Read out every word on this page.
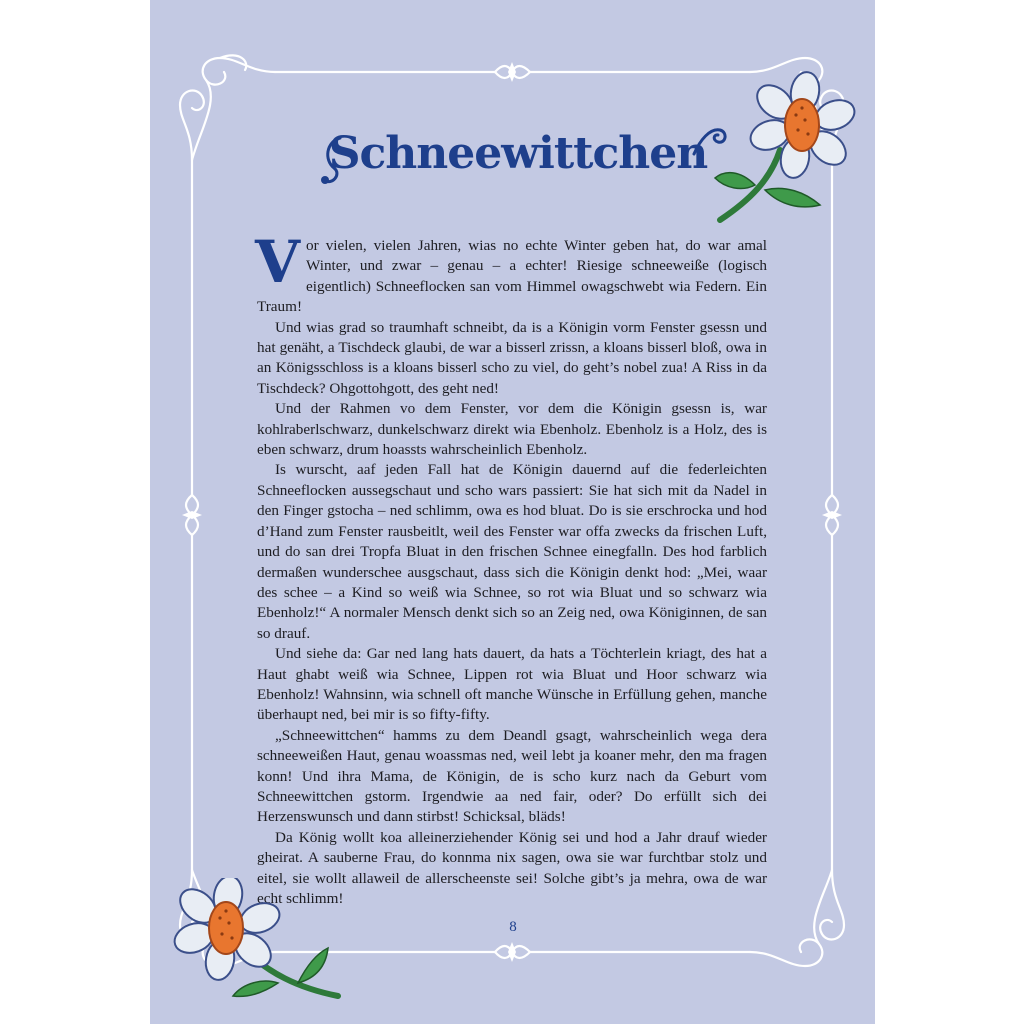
Schneewittchen

Vor vielen, vielen Jahren, wias no echte Winter geben hat, do war amal Winter, und zwar – genau – a echter! Riesige schneeweiße (logisch eigentlich) Schneeflocken san vom Himmel owagschwebt wia Federn. Ein Traum!

Und wias grad so traumhaft schneibt, da is a Königin vorm Fenster gsessn und hat genäht, a Tischdeck glaubi, de war a bisserl zrissn, a kloans bisserl bloß, owa in an Königsschloss is a kloans bisserl scho zu viel, do geht’s nobel zua! A Riss in da Tischdeck? Ohgottohgott, des geht ned!

Und der Rahmen vo dem Fenster, vor dem die Königin gsessn is, war kohlraberlschwarz, dunkelschwarz direkt wia Ebenholz. Ebenholz is a Holz, des is eben schwarz, drum hoassts wahrscheinlich Ebenholz.

Is wurscht, aaf jeden Fall hat de Königin dauernd auf die federleichten Schneeflocken aussegschaut und scho wars passiert: Sie hat sich mit da Nadel in den Finger gstocha – ned schlimm, owa es hod bluat. Do is sie erschrocka und hod d’Hand zum Fenster rausbeitlt, weil des Fenster war offa zwecks da frischen Luft, und do san drei Tropfa Bluat in den frischen Schnee einegfalln. Des hod farblich dermaßen wunderschee ausgschaut, dass sich die Königin denkt hod: „Mei, waar des schee – a Kind so weiß wia Schnee, so rot wia Bluat und so schwarz wia Ebenholz!“ A normaler Mensch denkt sich so an Zeig ned, owa Königinnen, de san so drauf.

Und siehe da: Gar ned lang hats dauert, da hats a Töchterlein kriagt, des hat a Haut ghabt weiß wia Schnee, Lippen rot wia Bluat und Hoor schwarz wia Ebenholz! Wahnsinn, wia schnell oft manche Wünsche in Erfüllung gehen, manche überhaupt ned, bei mir is so fifty-fifty.

„Schneewittchen“ hamms zu dem Deandl gsagt, wahrscheinlich wega dera schneeweißen Haut, genau woassmas ned, weil lebt ja koaner mehr, den ma fragen konn! Und ihra Mama, de Königin, de is scho kurz nach da Geburt vom Schneewittchen gstorm. Irgendwie aa ned fair, oder? Do erfüllt sich dei Herzenswunsch und dann stirbst! Schicksal, bläds!

Da König wollt koa alleinerziehender König sei und hod a Jahr drauf wieder gheirat. A sauberne Frau, do konnma nix sagen, owa sie war furchtbar stolz und eitel, sie wollt allaweil de allerscheenste sei! Solche gibt’s ja mehra, owa de war echt schlimm!

8
